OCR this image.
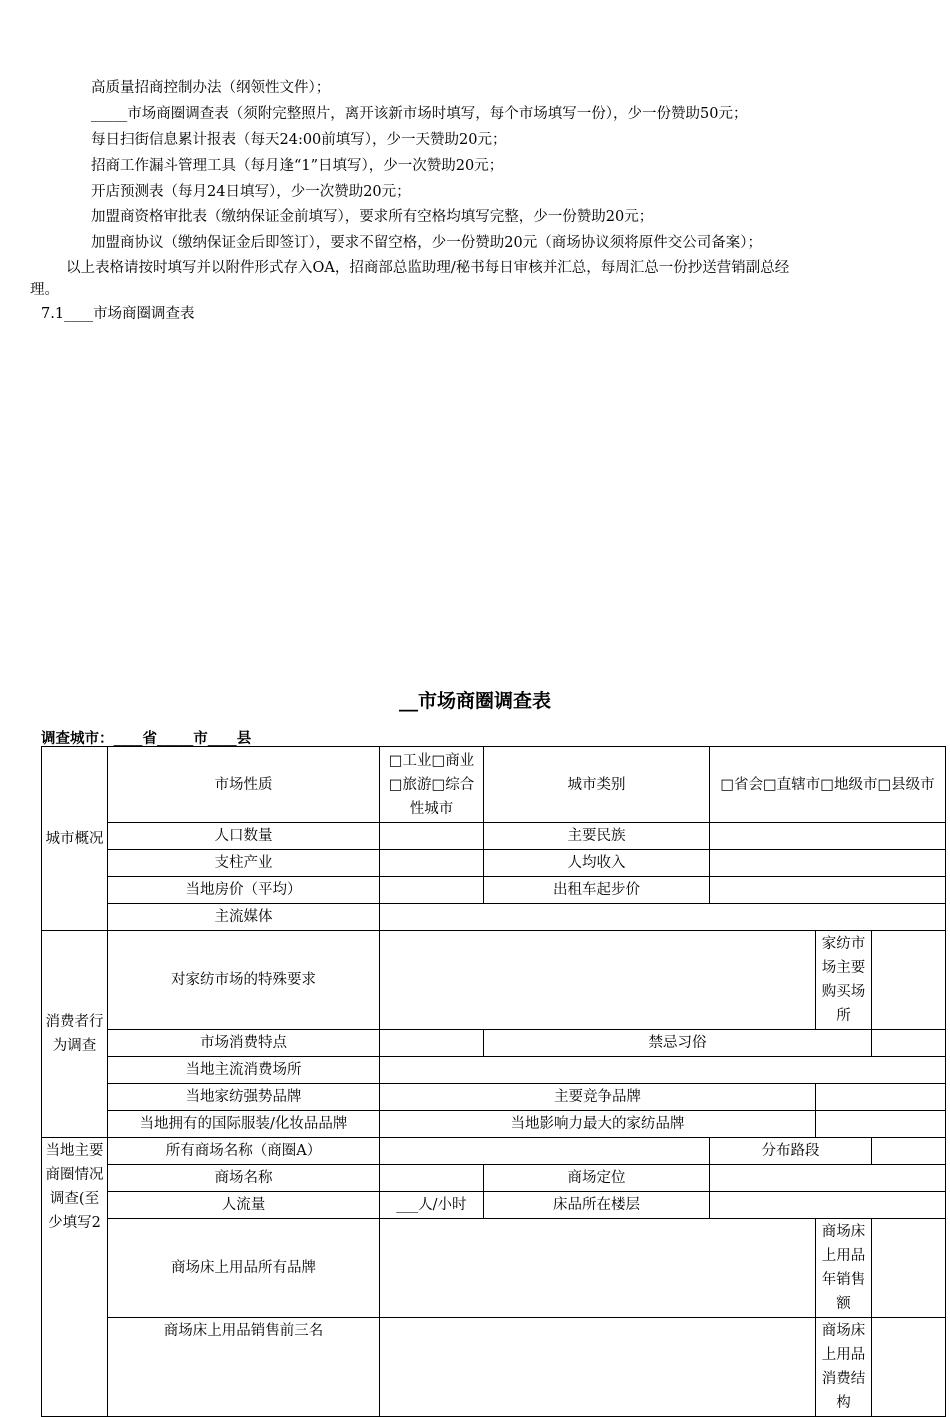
高质量招商控制办法（纲领性文件）；
_____市场商圈调查表（须附完整照片，离开该新市场时填写，每个市场填写一份），少一份赞助50元；
每日扫街信息累计报表（每天24:00前填写），少一天赞助20元；
招商工作漏斗管理工具（每月逢“1”日填写），少一次赞助20元；
开店预测表（每月24日填写），少一次赞助20元；
加盟商资格审批表（缴纳保证金前填写），要求所有空格均填写完整，少一份赞助20元；
加盟商协议（缴纳保证金后即签订），要求不留空格，少一份赞助20元（商场协议须将原件交公司备案）；
以上表格请按时填写并以附件形式存入OA，招商部总监助理/秘书每日审核并汇总，每周汇总一份抄送营销副总经
理。
7.1____市场商圈调查表
__市场商圈调查表
调查城市：____省_____市____县
城市概况	市场性质	□工业□商业□旅游□综合性城市	城市类别	□省会□直辖市□地级市□县级市		
	人口数量		主要民族			
	支柱产业		人均收入			
	当地房价（平均）		出租车起步价			
	主流媒体					
消费者行为调查	对家纺市场的特殊要求				家纺市场主要购买场所	
	市场消费特点		禁忌习俗			
	当地主流消费场所					
	当地家纺强势品牌	主要竞争品牌				
	当地拥有的国际服装/化妆品品牌	当地影响力最大的家纺品牌				
当地主要商圈情况调查(至少填写2	所有商场名称（商圈A）			分布路段		
	商场名称		商场定位			
	人流量	___人/小时	床品所在楼层			
	商场床上用品所有品牌				商场床上用品年销售额	
	商场床上用品销售前三名				商场床上用品消费结构	
